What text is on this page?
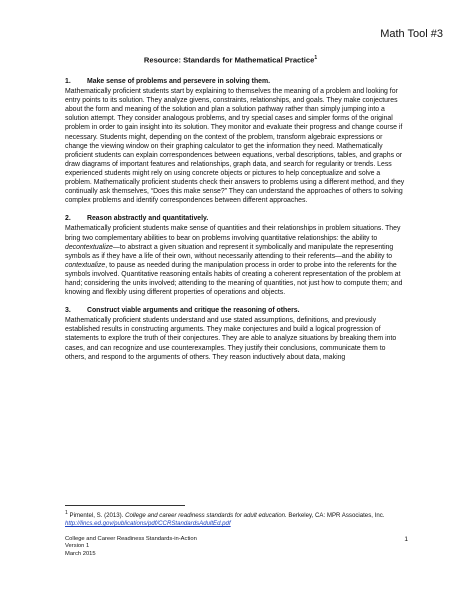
Math Tool #3
Resource: Standards for Mathematical Practice$^1$
1. Make sense of problems and persevere in solving them.

Mathematically proficient students start by explaining to themselves the meaning of a problem and looking for entry points to its solution. They analyze givens, constraints, relationships, and goals. They make conjectures about the form and meaning of the solution and plan a solution pathway rather than simply jumping into a solution attempt. They consider analogous problems, and try special cases and simpler forms of the original problem in order to gain insight into its solution. They monitor and evaluate their progress and change course if necessary. Students might, depending on the context of the problem, transform algebraic expressions or change the viewing window on their graphing calculator to get the information they need. Mathematically proficient students can explain correspondences between equations, verbal descriptions, tables, and graphs or draw diagrams of important features and relationships, graph data, and search for regularity or trends. Less experienced students might rely on using concrete objects or pictures to help conceptualize and solve a problem. Mathematically proficient students check their answers to problems using a different method, and they continually ask themselves, “Does this make sense?” They can understand the approaches of others to solving complex problems and identify correspondences between different approaches.

2. Reason abstractly and quantitatively.

Mathematically proficient students make sense of quantities and their relationships in problem situations. They bring two complementary abilities to bear on problems involving quantitative relationships: the ability to decontextualize—to abstract a given situation and represent it symbolically and manipulate the representing symbols as if they have a life of their own, without necessarily attending to their referents—and the ability to contextualize, to pause as needed during the manipulation process in order to probe into the referents for the symbols involved. Quantitative reasoning entails habits of creating a coherent representation of the problem at hand; considering the units involved; attending to the meaning of quantities, not just how to compute them; and knowing and flexibly using different properties of operations and objects.

3. Construct viable arguments and critique the reasoning of others.

Mathematically proficient students understand and use stated assumptions, definitions, and previously established results in constructing arguments. They make conjectures and build a logical progression of statements to explore the truth of their conjectures. They are able to analyze situations by breaking them into cases, and can recognize and use counterexamples. They justify their conclusions, communicate them to others, and respond to the arguments of others. They reason inductively about data, making

$^1$ Pimentel, S. (2013). College and career readiness standards for adult education. Berkeley, CA: MPR Associates, Inc. http://lincs.ed.gov/publications/pdf/CCRStandardsAdultEd.pdf
College and Career Readiness Standards-in-Action
Version 1
March 2015
1
